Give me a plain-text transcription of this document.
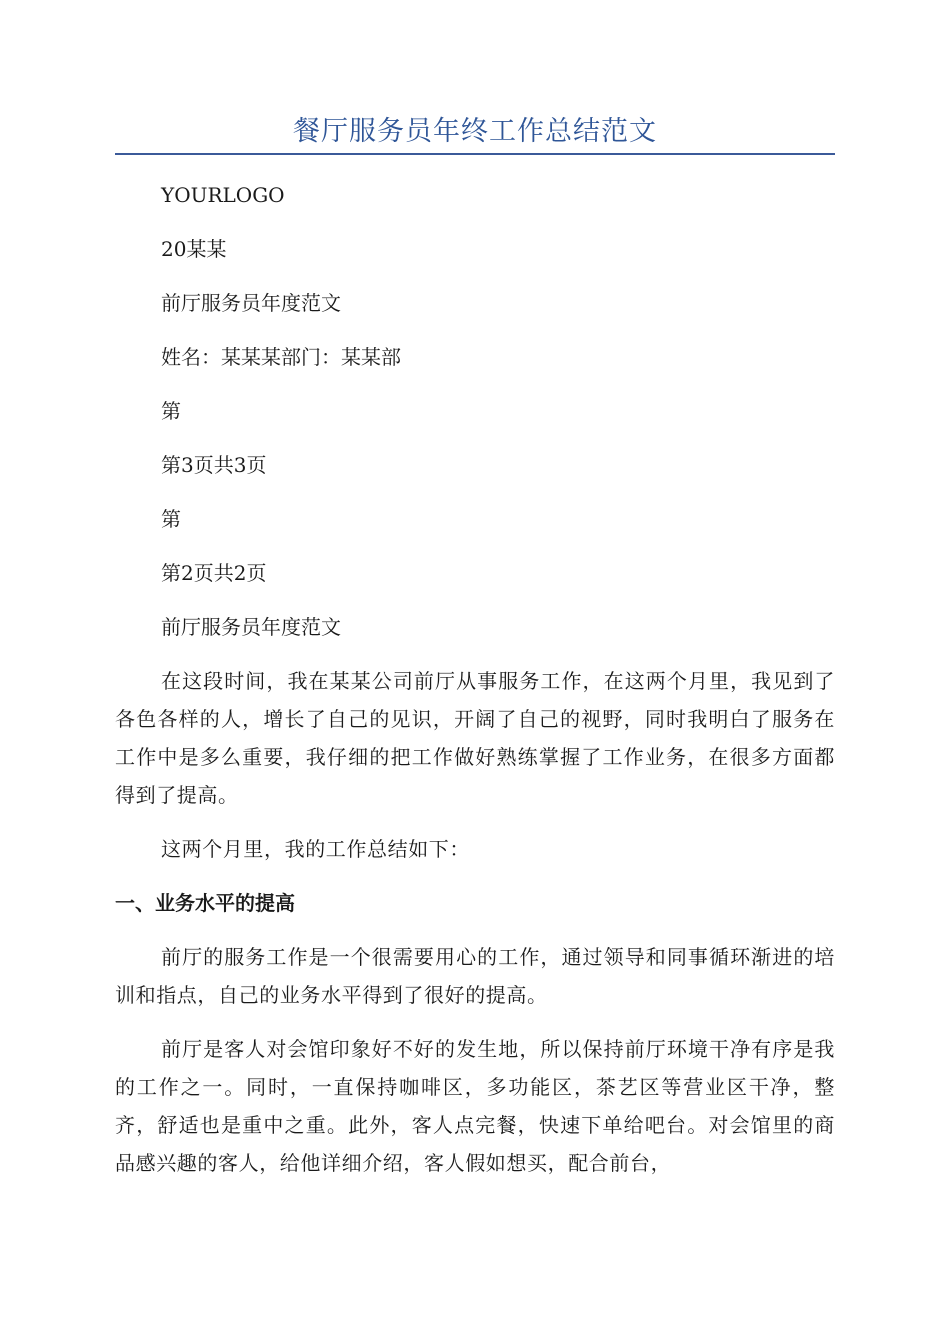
餐厅服务员年终工作总结范文
YOURLOGO
20某某
前厅服务员年度范文
姓名：某某某部门：某某部
第
第3页共3页
第
第2页共2页
前厅服务员年度范文

在这段时间，我在某某公司前厅从事服务工作，在这两个月里，我见到了各色各样的人，增长了自己的见识，开阔了自己的视野，同时我明白了服务在工作中是多么重要，我仔细的把工作做好熟练掌握了工作业务，在很多方面都得到了提高。

这两个月里，我的工作总结如下：

一、业务水平的提高

前厅的服务工作是一个很需要用心的工作，通过领导和同事循环渐进的培训和指点，自己的业务水平得到了很好的提高。

前厅是客人对会馆印象好不好的发生地，所以保持前厅环境干净有序是我的工作之一。同时，一直保持咖啡区，多功能区，茶艺区等营业区干净，整齐，舒适也是重中之重。此外，客人点完餐，快速下单给吧台。对会馆里的商品感兴趣的客人，给他详细介绍，客人假如想买，配合前台，
